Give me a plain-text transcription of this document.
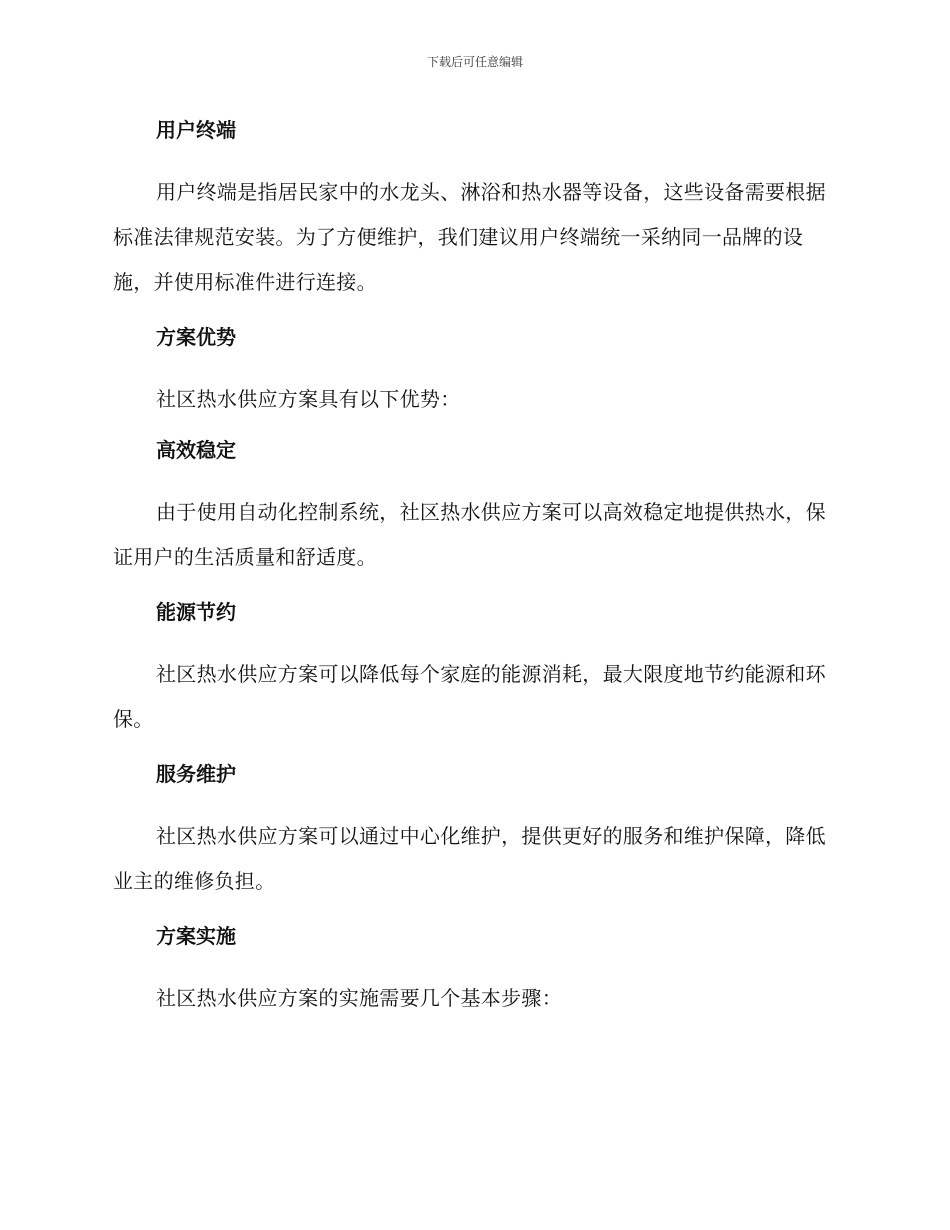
下载后可任意编辑
用户终端
用户终端是指居民家中的水龙头、淋浴和热水器等设备，这些设备需要根据标准法律规范安装。为了方便维护，我们建议用户终端统一采纳同一品牌的设施，并使用标准件进行连接。
方案优势
社区热水供应方案具有以下优势：
高效稳定
由于使用自动化控制系统，社区热水供应方案可以高效稳定地提供热水，保证用户的生活质量和舒适度。
能源节约
社区热水供应方案可以降低每个家庭的能源消耗，最大限度地节约能源和环保。
服务维护
社区热水供应方案可以通过中心化维护，提供更好的服务和维护保障，降低业主的维修负担。
方案实施
社区热水供应方案的实施需要几个基本步骤：
